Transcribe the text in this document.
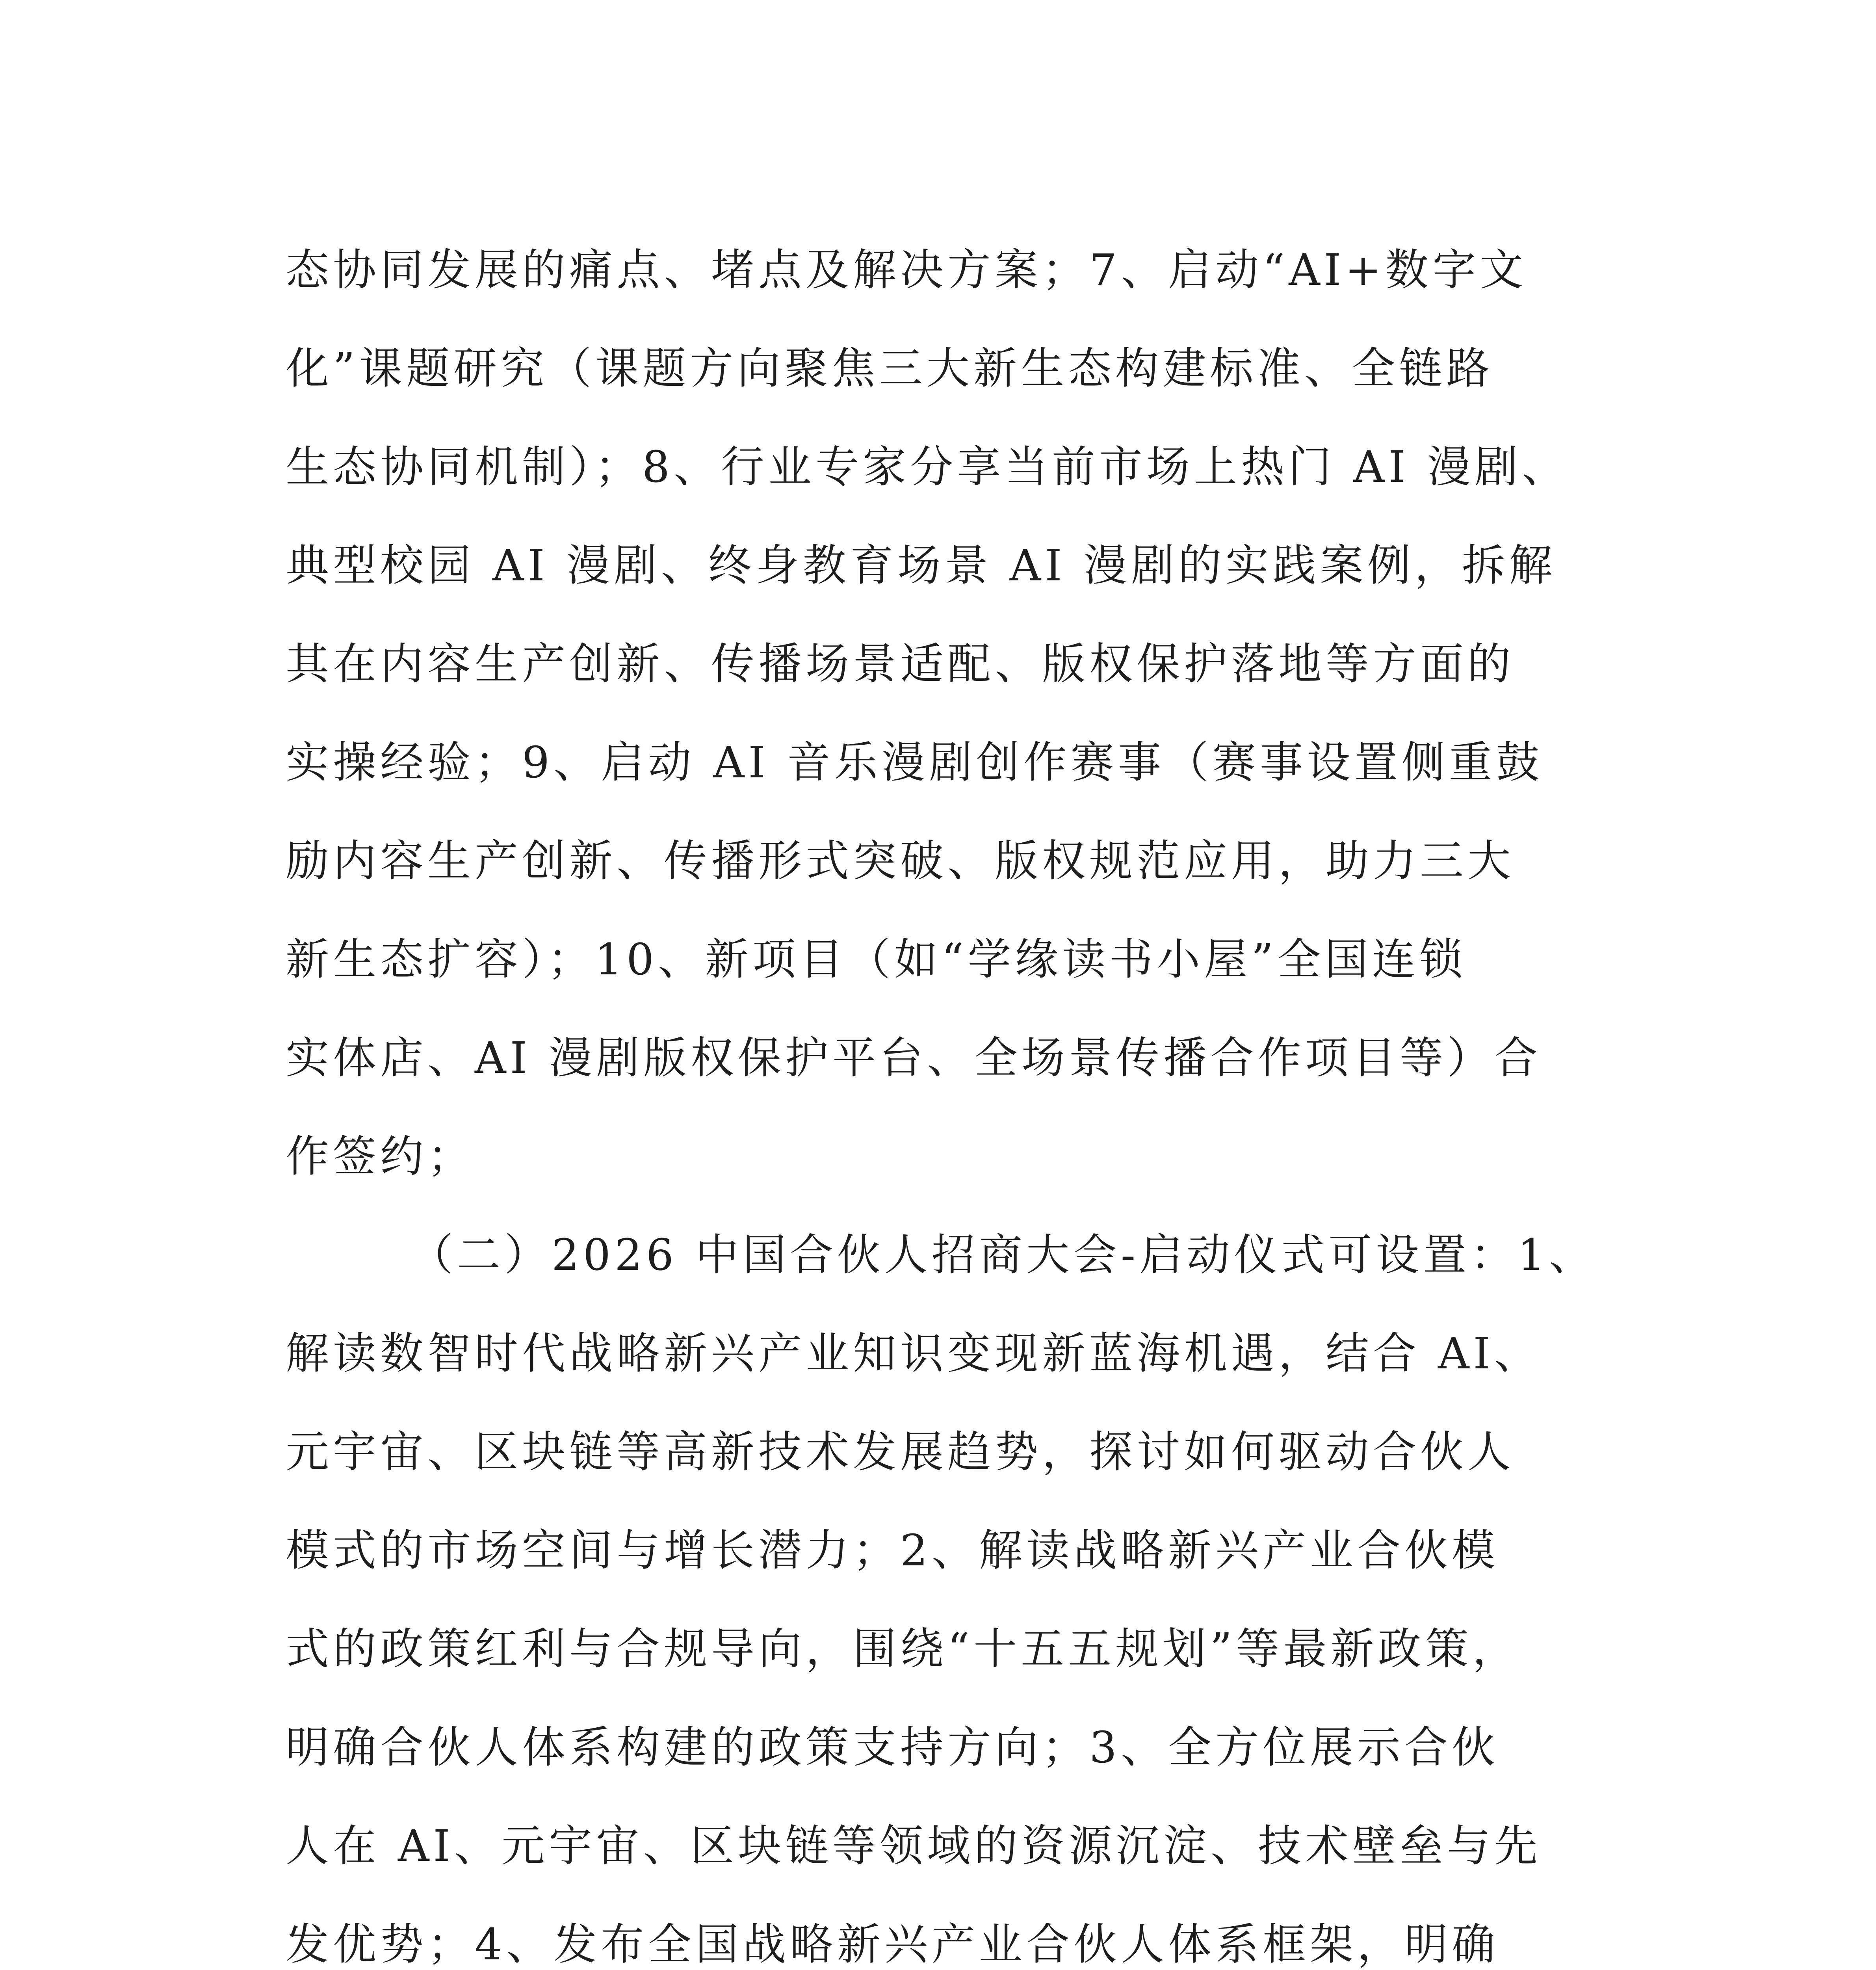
态协同发展的痛点、堵点及解决方案；7、启动“AI+数字文
化”课题研究（课题方向聚焦三大新生态构建标准、全链路
生态协同机制）；8、行业专家分享当前市场上热门 AI 漫剧、
典型校园 AI 漫剧、终身教育场景 AI 漫剧的实践案例，拆解
其在内容生产创新、传播场景适配、版权保护落地等方面的
实操经验；9、启动 AI 音乐漫剧创作赛事（赛事设置侧重鼓
励内容生产创新、传播形式突破、版权规范应用，助力三大
新生态扩容）；10、新项目（如“学缘读书小屋”全国连锁
实体店、AI 漫剧版权保护平台、全场景传播合作项目等）合
作签约；
（二）2026 中国合伙人招商大会-启动仪式可设置：1、
解读数智时代战略新兴产业知识变现新蓝海机遇，结合 AI、
元宇宙、区块链等高新技术发展趋势，探讨如何驱动合伙人
模式的市场空间与增长潜力；2、解读战略新兴产业合伙模
式的政策红利与合规导向，围绕“十五五规划”等最新政策，
明确合伙人体系构建的政策支持方向；3、全方位展示合伙
人在 AI、元宇宙、区块链等领域的资源沉淀、技术壁垒与先
发优势；4、发布全国战略新兴产业合伙人体系框架，明确
